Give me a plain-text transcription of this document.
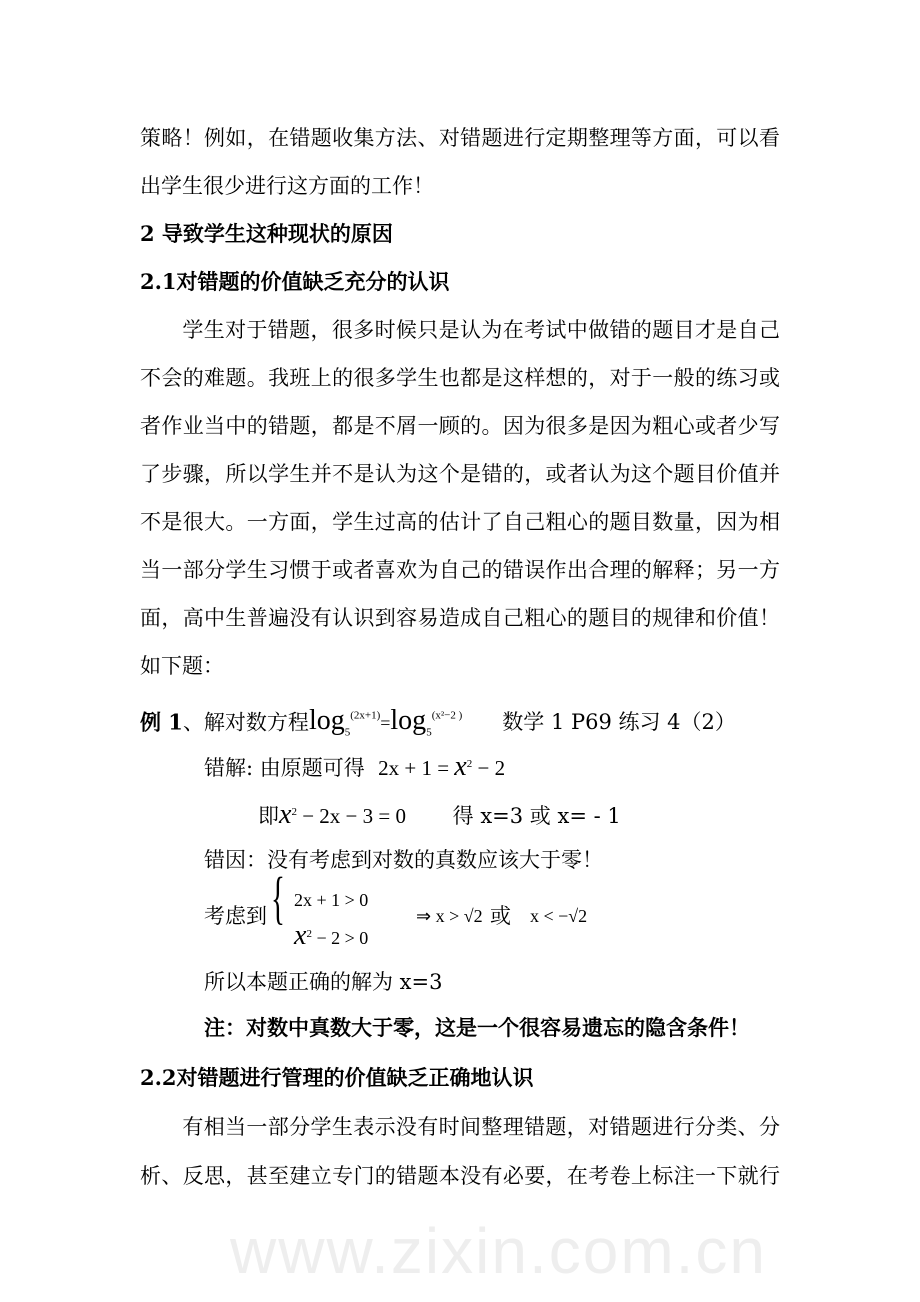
www.zixin.com.cn
策略！例如，在错题收集方法、对错题进行定期整理等方面，可以看
出学生很少进行这方面的工作！
2 导致学生这种现状的原因
2.1对错题的价值缺乏充分的认识
　学生对于错题，很多时候只是认为在考试中做错的题目才是自己
不会的难题。我班上的很多学生也都是这样想的，对于一般的练习或
者作业当中的错题，都是不屑一顾的。因为很多是因为粗心或者少写
了步骤，所以学生并不是认为这个是错的，或者认为这个题目价值并
不是很大。一方面，学生过高的估计了自己粗心的题目数量，因为相
当一部分学生习惯于或者喜欢为自己的错误作出合理的解释；另一方
面，高中生普遍没有认识到容易造成自己粗心的题目的规律和价值！
如下题：
例 1、解对数方程$\log_5^{(2x+1)}=\log_5^{(x^2-2 )}$ 数学 1 P69 练习 4（2）
错解: 由原题可得 $2x + 1 = x^2 - 2$
即$x^2 - 2x - 3 = 0$ 得 x=3 或 x= - 1
错因：没有考虑到对数的真数应该大于零！
考虑到 { 2x + 1 > 0
$x^2 - 2 > 0$
⇒ x > √2 或 x < −√2
所以本题正确的解为 x=3
注：对数中真数大于零，这是一个很容易遗忘的隐含条件！
2.2对错题进行管理的价值缺乏正确地认识
　有相当一部分学生表示没有时间整理错题，对错题进行分类、分
析、反思，甚至建立专门的错题本没有必要，在考卷上标注一下就行
